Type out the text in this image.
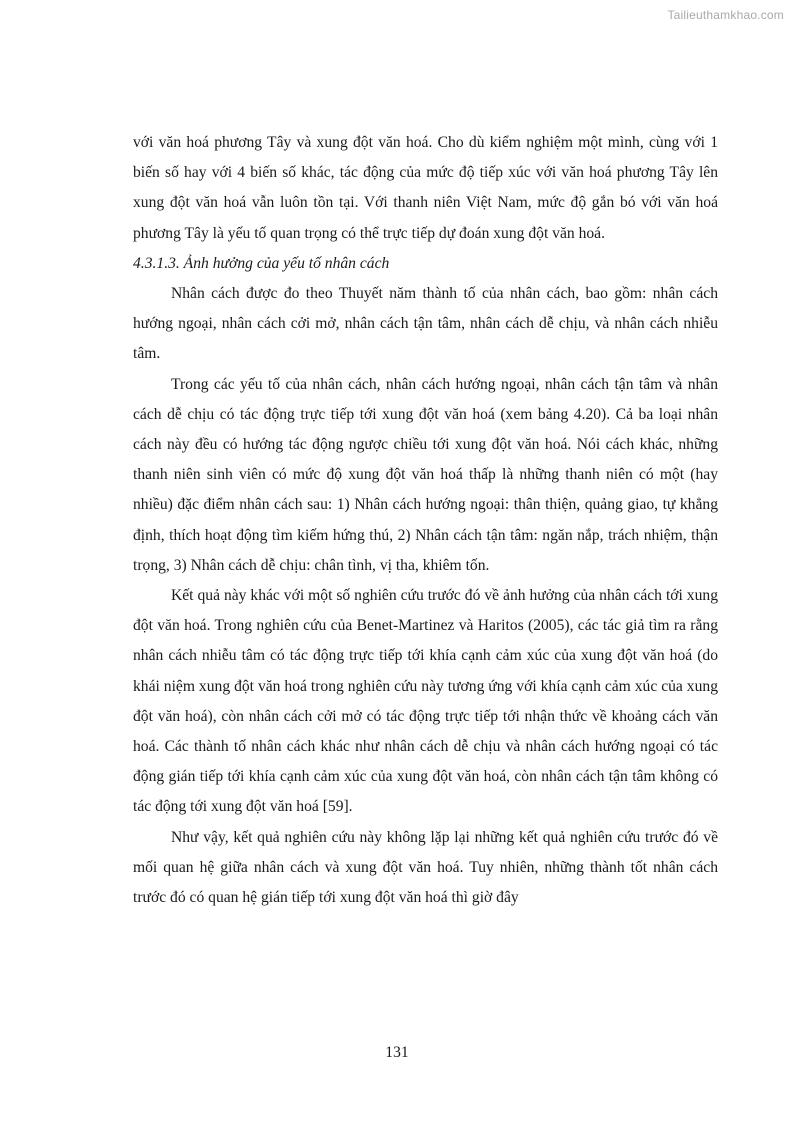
Tailieuthamkhao.com

với văn hoá phương Tây và xung đột văn hoá. Cho dù kiểm nghiệm một mình, cùng với 1 biến số hay với 4 biến số khác, tác động của mức độ tiếp xúc với văn hoá phương Tây lên xung đột văn hoá vẫn luôn tồn tại. Với thanh niên Việt Nam, mức độ gắn bó với văn hoá phương Tây là yếu tố quan trọng có thể trực tiếp dự đoán xung đột văn hoá.

4.3.1.3. Ảnh hưởng của yếu tố nhân cách

Nhân cách được đo theo Thuyết năm thành tố của nhân cách, bao gồm: nhân cách hướng ngoại, nhân cách cởi mở, nhân cách tận tâm, nhân cách dễ chịu, và nhân cách nhiễu tâm.

Trong các yếu tố của nhân cách, nhân cách hướng ngoại, nhân cách tận tâm và nhân cách dễ chịu có tác động trực tiếp tới xung đột văn hoá (xem bảng 4.20). Cả ba loại nhân cách này đều có hướng tác động ngược chiều tới xung đột văn hoá. Nói cách khác, những thanh niên sinh viên có mức độ xung đột văn hoá thấp là những thanh niên có một (hay nhiều) đặc điểm nhân cách sau: 1) Nhân cách hướng ngoại: thân thiện, quảng giao, tự khẳng định, thích hoạt động tìm kiếm hứng thú, 2) Nhân cách tận tâm: ngăn nắp, trách nhiệm, thận trọng, 3) Nhân cách dễ chịu: chân tình, vị tha, khiêm tốn.

Kết quả này khác với một số nghiên cứu trước đó về ảnh hưởng của nhân cách tới xung đột văn hoá. Trong nghiên cứu của Benet-Martinez và Haritos (2005), các tác giả tìm ra rằng nhân cách nhiễu tâm có tác động trực tiếp tới khía cạnh cảm xúc của xung đột văn hoá (do khái niệm xung đột văn hoá trong nghiên cứu này tương ứng với khía cạnh cảm xúc của xung đột văn hoá), còn nhân cách cởi mở có tác động trực tiếp tới nhận thức về khoảng cách văn hoá. Các thành tố nhân cách khác như nhân cách dễ chịu và nhân cách hướng ngoại có tác động gián tiếp tới khía cạnh cảm xúc của xung đột văn hoá, còn nhân cách tận tâm không có tác động tới xung đột văn hoá [59].

Như vậy, kết quả nghiên cứu này không lặp lại những kết quả nghiên cứu trước đó về mối quan hệ giữa nhân cách và xung đột văn hoá. Tuy nhiên, những thành tốt nhân cách trước đó có quan hệ gián tiếp tới xung đột văn hoá thì giờ đây

131
